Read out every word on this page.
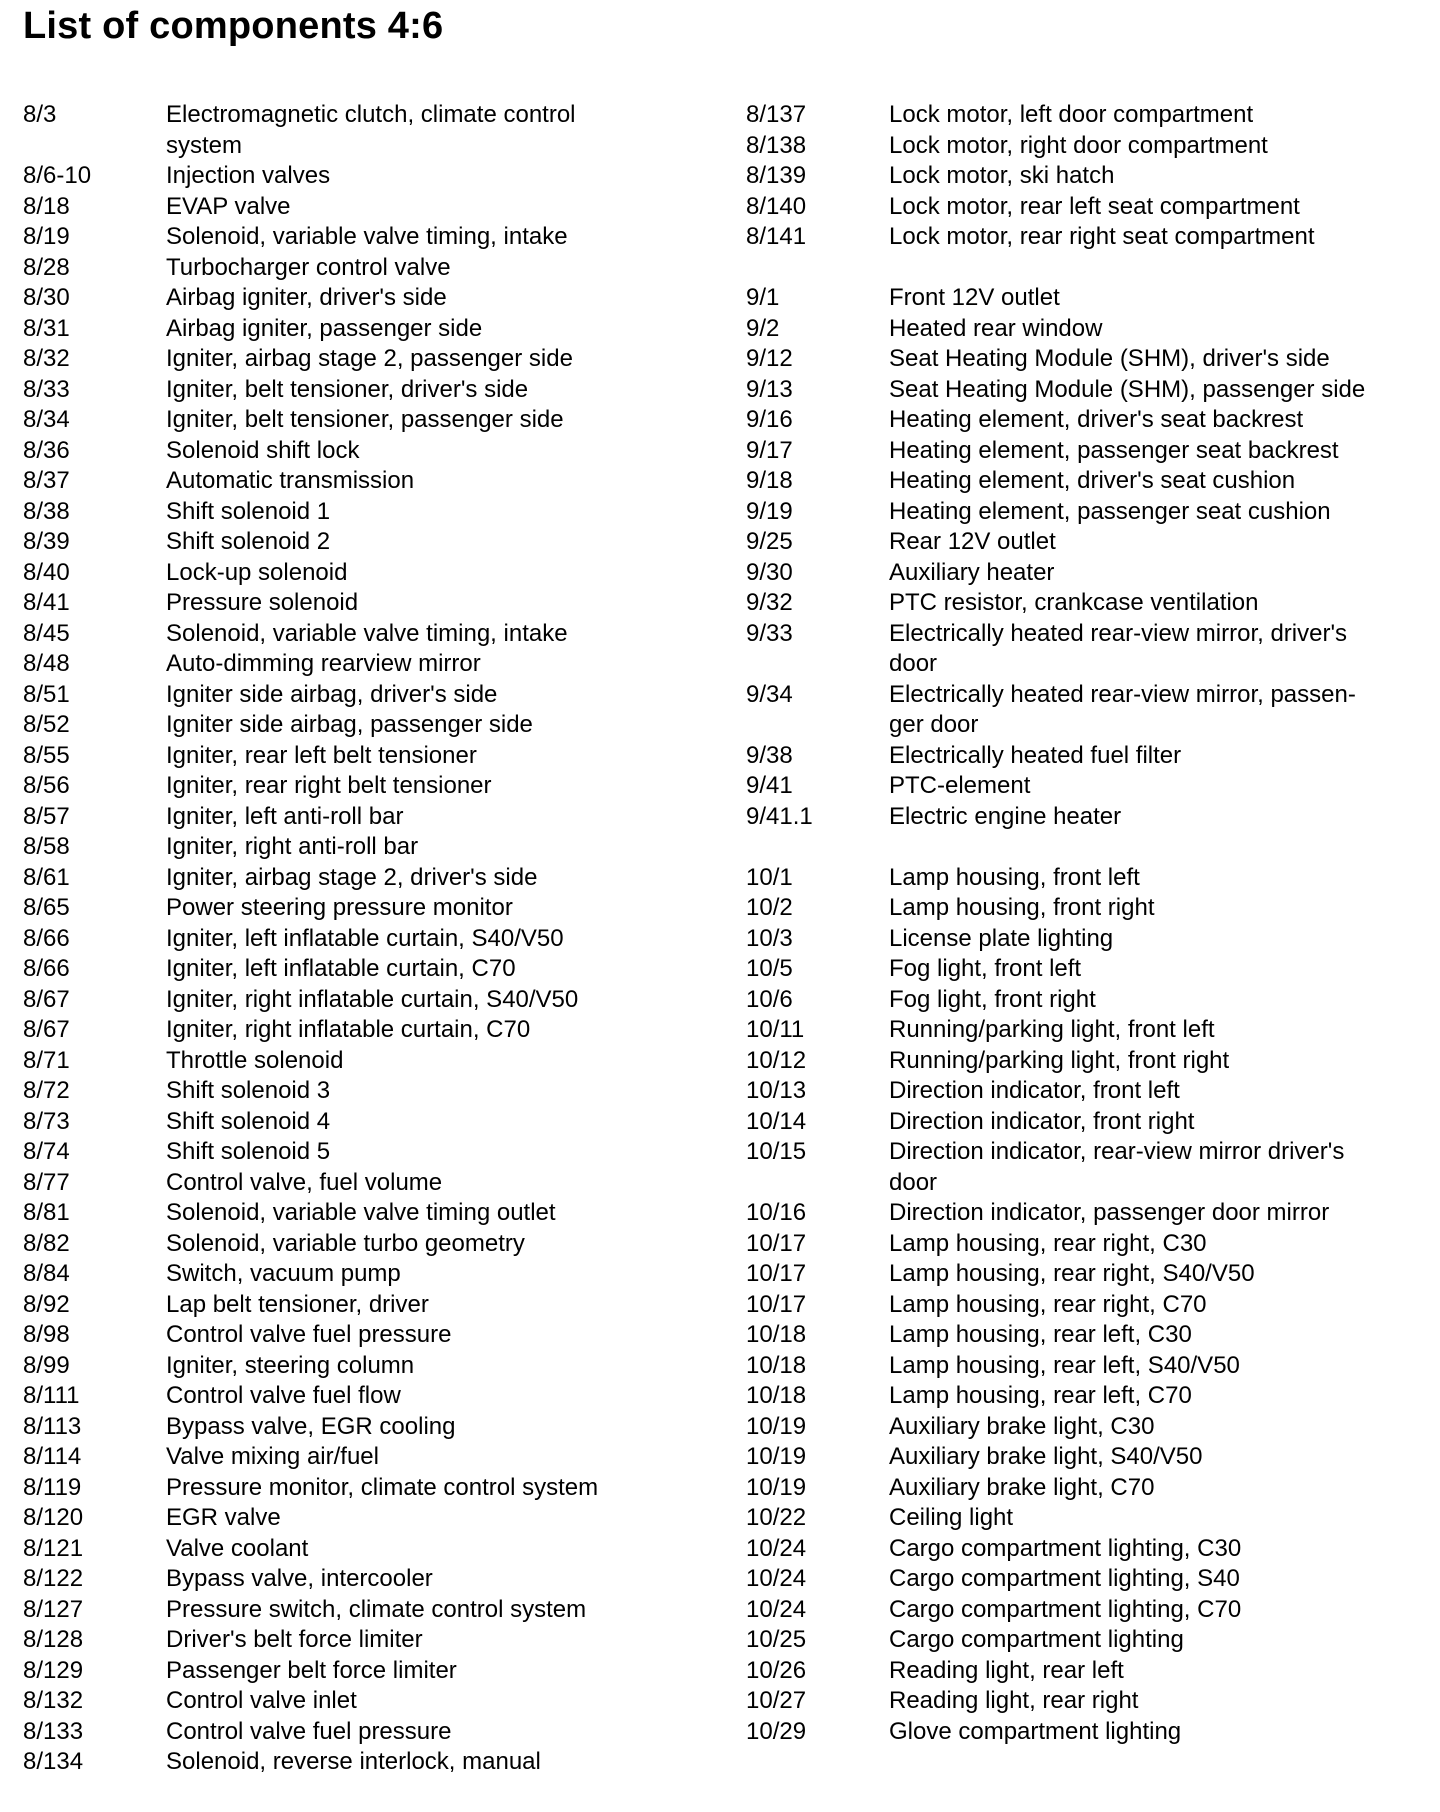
List of components 4:6
8/3	Electromagnetic clutch, climate control
system
8/6-10	Injection valves
8/18	EVAP valve
8/19	Solenoid, variable valve timing, intake
8/28	Turbocharger control valve
8/30	Airbag igniter, driver's side
8/31	Airbag igniter, passenger side
8/32	Igniter, airbag stage 2, passenger side
8/33	Igniter, belt tensioner, driver's side
8/34	Igniter, belt tensioner, passenger side
8/36	Solenoid shift lock
8/37	Automatic transmission
8/38	Shift solenoid 1
8/39	Shift solenoid 2
8/40	Lock-up solenoid
8/41	Pressure solenoid
8/45	Solenoid, variable valve timing, intake
8/48	Auto-dimming rearview mirror
8/51	Igniter side airbag, driver's side
8/52	Igniter side airbag, passenger side
8/55	Igniter, rear left belt tensioner
8/56	Igniter, rear right belt tensioner
8/57	Igniter, left anti-roll bar
8/58	Igniter, right anti-roll bar
8/61	Igniter, airbag stage 2, driver's side
8/65	Power steering pressure monitor
8/66	Igniter, left inflatable curtain, S40/V50
8/66	Igniter, left inflatable curtain, C70
8/67	Igniter, right inflatable curtain, S40/V50
8/67	Igniter, right inflatable curtain, C70
8/71	Throttle solenoid
8/72	Shift solenoid 3
8/73	Shift solenoid 4
8/74	Shift solenoid 5
8/77	Control valve, fuel volume
8/81	Solenoid, variable valve timing outlet
8/82	Solenoid, variable turbo geometry
8/84	Switch, vacuum pump
8/92	Lap belt tensioner, driver
8/98	Control valve fuel pressure
8/99	Igniter, steering column
8/111	Control valve fuel flow
8/113	Bypass valve, EGR cooling
8/114	Valve mixing air/fuel
8/119	Pressure monitor, climate control system
8/120	EGR valve
8/121	Valve coolant
8/122	Bypass valve, intercooler
8/127	Pressure switch, climate control system
8/128	Driver's belt force limiter
8/129	Passenger belt force limiter
8/132	Control valve inlet
8/133	Control valve fuel pressure
8/134	Solenoid, reverse interlock, manual
8/137	Lock motor, left door compartment
8/138	Lock motor, right door compartment
8/139	Lock motor, ski hatch
8/140	Lock motor, rear left seat compartment
8/141	Lock motor, rear right seat compartment
9/1	Front 12V outlet
9/2	Heated rear window
9/12	Seat Heating Module (SHM), driver's side
9/13	Seat Heating Module (SHM), passenger side
9/16	Heating element, driver's seat backrest
9/17	Heating element, passenger seat backrest
9/18	Heating element, driver's seat cushion
9/19	Heating element, passenger seat cushion
9/25	Rear 12V outlet
9/30	Auxiliary heater
9/32	PTC resistor, crankcase ventilation
9/33	Electrically heated rear-view mirror, driver's
door
9/34	Electrically heated rear-view mirror, passen-
ger door
9/38	Electrically heated fuel filter
9/41	PTC-element
9/41.1	Electric engine heater
10/1	Lamp housing, front left
10/2	Lamp housing, front right
10/3	License plate lighting
10/5	Fog light, front left
10/6	Fog light, front right
10/11	Running/parking light, front left
10/12	Running/parking light, front right
10/13	Direction indicator, front left
10/14	Direction indicator, front right
10/15	Direction indicator, rear-view mirror driver's
door
10/16	Direction indicator, passenger door mirror
10/17	Lamp housing, rear right, C30
10/17	Lamp housing, rear right, S40/V50
10/17	Lamp housing, rear right, C70
10/18	Lamp housing, rear left, C30
10/18	Lamp housing, rear left, S40/V50
10/18	Lamp housing, rear left, C70
10/19	Auxiliary brake light, C30
10/19	Auxiliary brake light, S40/V50
10/19	Auxiliary brake light, C70
10/22	Ceiling light
10/24	Cargo compartment lighting, C30
10/24	Cargo compartment lighting, S40
10/24	Cargo compartment lighting, C70
10/25	Cargo compartment lighting
10/26	Reading light, rear left
10/27	Reading light, rear right
10/29	Glove compartment lighting
